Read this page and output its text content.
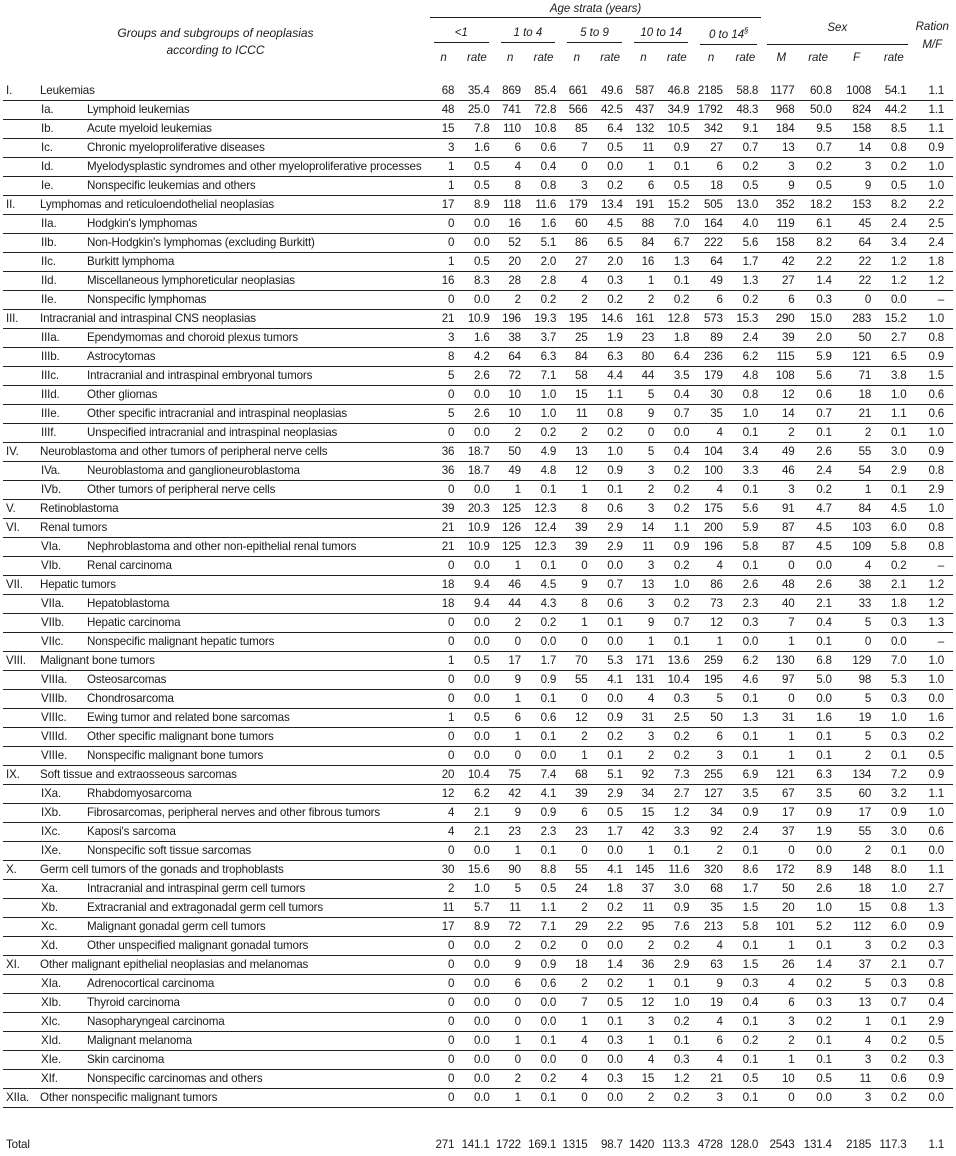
Groups and subgroups of neoplasias
according to ICCC

Age strata (years)

Sex	Ration
M/F

	<1		1 to 4		5 to 9		10 to 14		0 to 14§

	n	rate	n	rate	n	rate	n	rate	n	rate	M	rate	F	rate	

I. Leukemias	68	35.4	869	85.4	661	49.6	587	46.8	2185	58.8	1177	60.8	1008	54.1	1.1
Ia. Lymphoid leukemias	48	25.0	741	72.8	566	42.5	437	34.9	1792	48.3	968	50.0	824	44.2	1.1
Ib. Acute myeloid leukemias	15	7.8	110	10.8	85	6.4	132	10.5	342	9.1	184	9.5	158	8.5	1.1
Ic. Chronic myeloproliferative diseases	3	1.6	6	0.6	7	0.5	11	0.9	27	0.7	13	0.7	14	0.8	0.9
Id. Myelodysplastic syndromes and other myeloproliferative processes	1	0.5	4	0.4	0	0.0	1	0.1	6	0.2	3	0.2	3	0.2	1.0
Ie. Nonspecific leukemias and others	1	0.5	8	0.8	3	0.2	6	0.5	18	0.5	9	0.5	9	0.5	1.0
II. Lymphomas and reticuloendothelial neoplasias	17	8.9	118	11.6	179	13.4	191	15.2	505	13.0	352	18.2	153	8.2	2.2
IIa. Hodgkin's lymphomas	0	0.0	16	1.6	60	4.5	88	7.0	164	4.0	119	6.1	45	2.4	2.5
IIb. Non-Hodgkin's lymphomas (excluding Burkitt)	0	0.0	52	5.1	86	6.5	84	6.7	222	5.6	158	8.2	64	3.4	2.4
IIc. Burkitt lymphoma	1	0.5	20	2.0	27	2.0	16	1.3	64	1.7	42	2.2	22	1.2	1.8
IId. Miscellaneous lymphoreticular neoplasias	16	8.3	28	2.8	4	0.3	1	0.1	49	1.3	27	1.4	22	1.2	1.2
IIe. Nonspecific lymphomas	0	0.0	2	0.2	2	0.2	2	0.2	6	0.2	6	0.3	0	0.0	–
III. Intracranial and intraspinal CNS neoplasias	21	10.9	196	19.3	195	14.6	161	12.8	573	15.3	290	15.0	283	15.2	1.0
IIIa. Ependymomas and choroid plexus tumors	3	1.6	38	3.7	25	1.9	23	1.8	89	2.4	39	2.0	50	2.7	0.8
IIIb. Astrocytomas	8	4.2	64	6.3	84	6.3	80	6.4	236	6.2	115	5.9	121	6.5	0.9
IIIc. Intracranial and intraspinal embryonal tumors	5	2.6	72	7.1	58	4.4	44	3.5	179	4.8	108	5.6	71	3.8	1.5
IIId. Other gliomas	0	0.0	10	1.0	15	1.1	5	0.4	30	0.8	12	0.6	18	1.0	0.6
IIIe. Other specific intracranial and intraspinal neoplasias	5	2.6	10	1.0	11	0.8	9	0.7	35	1.0	14	0.7	21	1.1	0.6
IIIf. Unspecified intracranial and intraspinal neoplasias	0	0.0	2	0.2	2	0.2	0	0.0	4	0.1	2	0.1	2	0.1	1.0
IV. Neuroblastoma and other tumors of peripheral nerve cells	36	18.7	50	4.9	13	1.0	5	0.4	104	3.4	49	2.6	55	3.0	0.9
IVa. Neuroblastoma and ganglioneuroblastoma	36	18.7	49	4.8	12	0.9	3	0.2	100	3.3	46	2.4	54	2.9	0.8
IVb. Other tumors of peripheral nerve cells	0	0.0	1	0.1	1	0.1	2	0.2	4	0.1	3	0.2	1	0.1	2.9
V. Retinoblastoma	39	20.3	125	12.3	8	0.6	3	0.2	175	5.6	91	4.7	84	4.5	1.0
VI. Renal tumors	21	10.9	126	12.4	39	2.9	14	1.1	200	5.9	87	4.5	103	6.0	0.8
VIa. Nephroblastoma and other non-epithelial renal tumors	21	10.9	125	12.3	39	2.9	11	0.9	196	5.8	87	4.5	109	5.8	0.8
VIb. Renal carcinoma	0	0.0	1	0.1	0	0.0	3	0.2	4	0.1	0	0.0	4	0.2	–
VII. Hepatic tumors	18	9.4	46	4.5	9	0.7	13	1.0	86	2.6	48	2.6	38	2.1	1.2
VIIa. Hepatoblastoma	18	9.4	44	4.3	8	0.6	3	0.2	73	2.3	40	2.1	33	1.8	1.2
VIIb. Hepatic carcinoma	0	0.0	2	0.2	1	0.1	9	0.7	12	0.3	7	0.4	5	0.3	1.3
VIIc. Nonspecific malignant hepatic tumors	0	0.0	0	0.0	0	0.0	1	0.1	1	0.0	1	0.1	0	0.0	–
VIII. Malignant bone tumors	1	0.5	17	1.7	70	5.3	171	13.6	259	6.2	130	6.8	129	7.0	1.0
VIIIa. Osteosarcomas	0	0.0	9	0.9	55	4.1	131	10.4	195	4.6	97	5.0	98	5.3	1.0
VIIIb. Chondrosarcoma	0	0.0	1	0.1	0	0.0	4	0.3	5	0.1	0	0.0	5	0.3	0.0
VIIIc. Ewing tumor and related bone sarcomas	1	0.5	6	0.6	12	0.9	31	2.5	50	1.3	31	1.6	19	1.0	1.6
VIIId. Other specific malignant bone tumors	0	0.0	1	0.1	2	0.2	3	0.2	6	0.1	1	0.1	5	0.3	0.2
VIIIe. Nonspecific malignant bone tumors	0	0.0	0	0.0	1	0.1	2	0.2	3	0.1	1	0.1	2	0.1	0.5
IX. Soft tissue and extraosseous sarcomas	20	10.4	75	7.4	68	5.1	92	7.3	255	6.9	121	6.3	134	7.2	0.9
IXa. Rhabdomyosarcoma	12	6.2	42	4.1	39	2.9	34	2.7	127	3.5	67	3.5	60	3.2	1.1
IXb. Fibrosarcomas, peripheral nerves and other fibrous tumors	4	2.1	9	0.9	6	0.5	15	1.2	34	0.9	17	0.9	17	0.9	1.0
IXc. Kaposi's sarcoma	4	2.1	23	2.3	23	1.7	42	3.3	92	2.4	37	1.9	55	3.0	0.6
IXe. Nonspecific soft tissue sarcomas	0	0.0	1	0.1	0	0.0	1	0.1	2	0.1	0	0.0	2	0.1	0.0
X. Germ cell tumors of the gonads and trophoblasts	30	15.6	90	8.8	55	4.1	145	11.6	320	8.6	172	8.9	148	8.0	1.1
Xa. Intracranial and intraspinal germ cell tumors	2	1.0	5	0.5	24	1.8	37	3.0	68	1.7	50	2.6	18	1.0	2.7
Xb. Extracranial and extragonadal germ cell tumors	11	5.7	11	1.1	2	0.2	11	0.9	35	1.5	20	1.0	15	0.8	1.3
Xc. Malignant gonadal germ cell tumors	17	8.9	72	7.1	29	2.2	95	7.6	213	5.8	101	5.2	112	6.0	0.9
Xd. Other unspecified malignant gonadal tumors	0	0.0	2	0.2	0	0.0	2	0.2	4	0.1	1	0.1	3	0.2	0.3
XI. Other malignant epithelial neoplasias and melanomas	0	0.0	9	0.9	18	1.4	36	2.9	63	1.5	26	1.4	37	2.1	0.7
XIa. Adrenocortical carcinoma	0	0.0	6	0.6	2	0.2	1	0.1	9	0.3	4	0.2	5	0.3	0.8
XIb. Thyroid carcinoma	0	0.0	0	0.0	7	0.5	12	1.0	19	0.4	6	0.3	13	0.7	0.4
XIc. Nasopharyngeal carcinoma	0	0.0	0	0.0	1	0.1	3	0.2	4	0.1	3	0.2	1	0.1	2.9
XId. Malignant melanoma	0	0.0	1	0.1	4	0.3	1	0.1	6	0.2	2	0.1	4	0.2	0.5
XIe. Skin carcinoma	0	0.0	0	0.0	0	0.0	4	0.3	4	0.1	1	0.1	3	0.2	0.3
XIf. Nonspecific carcinomas and others	0	0.0	2	0.2	4	0.3	15	1.2	21	0.5	10	0.5	11	0.6	0.9
XIIa. Other nonspecific malignant tumors	0	0.0	1	0.1	0	0.0	2	0.2	3	0.1	0	0.0	3	0.2	0.0

Total	271	141.1	1722	169.1	1315	98.7	1420	113.3	4728	128.0	2543	131.4	2185	117.3	1.1
